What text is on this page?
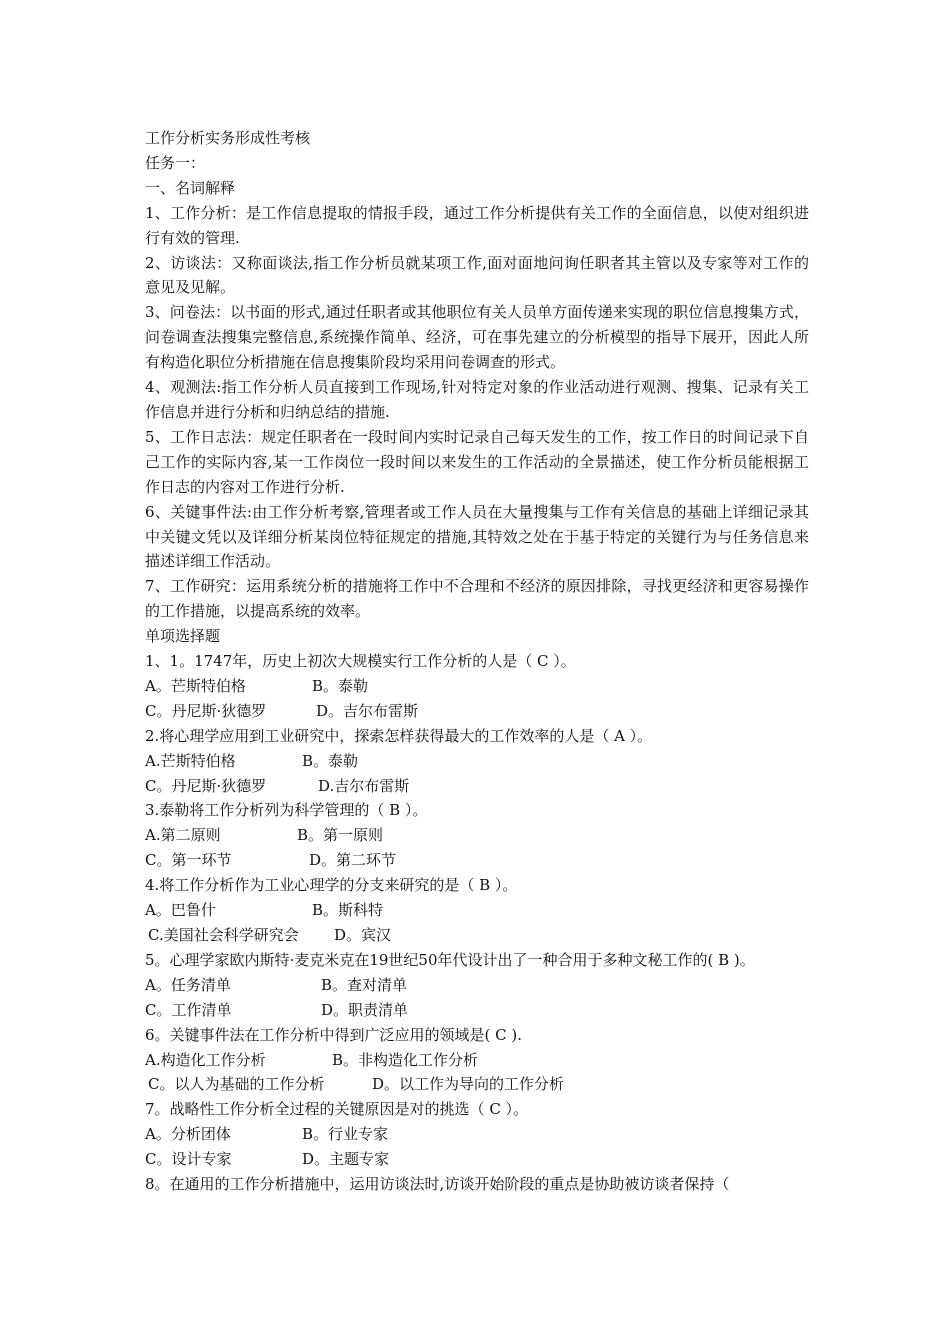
工作分析实务形成性考核
任务一：
一、名词解释
1、工作分析：是工作信息提取的情报手段，通过工作分析提供有关工作的全面信息，以使对组织进行有效的管理.
2、访谈法：又称面谈法,指工作分析员就某项工作,面对面地问询任职者其主管以及专家等对工作的意见及见解。
3、问卷法：以书面的形式,通过任职者或其他职位有关人员单方面传递来实现的职位信息搜集方式，问卷调查法搜集完整信息,系统操作简单、经济，可在事先建立的分析模型的指导下展开，因此人所有构造化职位分析措施在信息搜集阶段均采用问卷调查的形式。
4、观测法:指工作分析人员直接到工作现场,针对特定对象的作业活动进行观测、搜集、记录有关工作信息并进行分析和归纳总结的措施.
5、工作日志法：规定任职者在一段时间内实时记录自己每天发生的工作，按工作日的时间记录下自己工作的实际内容,某一工作岗位一段时间以来发生的工作活动的全景描述，使工作分析员能根据工作日志的内容对工作进行分析.
6、关键事件法:由工作分析考察,管理者或工作人员在大量搜集与工作有关信息的基础上详细记录其中关键文凭以及详细分析某岗位特征规定的措施,其特效之处在于基于特定的关键行为与任务信息来描述详细工作活动。
7、工作研究：运用系统分析的措施将工作中不合理和不经济的原因排除，寻找更经济和更容易操作的工作措施，以提高系统的效率。
单项选择题
1、1。1747年，历史上初次大规模实行工作分析的人是（ C ）。
A。芒斯特伯格	B。泰勒
C。丹尼斯·狄德罗	D。吉尔布雷斯
2.将心理学应用到工业研究中，探索怎样获得最大的工作效率的人是（ A ）。
A.芒斯特伯格	B。泰勒
C。丹尼斯·狄德罗	D.吉尔布雷斯
3.泰勒将工作分析列为科学管理的（ B ）。
A.第二原则	B。第一原则
C。第一环节	D。第二环节
4.将工作分析作为工业心理学的分支来研究的是（ B ）。
A。巴鲁什	B。斯科特
C.美国社会科学研究会	D。宾汉
5。心理学家欧内斯特·麦克米克在19世纪50年代设计出了一种合用于多种文秘工作的( B )。
A。任务清单	B。查对清单
C。工作清单	D。职责清单
6。关键事件法在工作分析中得到广泛应用的领域是( C ).
A.构造化工作分析	B。非构造化工作分析
C。以人为基础的工作分析	D。以工作为导向的工作分析
7。战略性工作分析全过程的关键原因是对的挑选（ C ）。
A。分析团体	B。行业专家
C。设计专家	D。主题专家
8。在通用的工作分析措施中，运用访谈法时,访谈开始阶段的重点是协助被访谈者保持（
